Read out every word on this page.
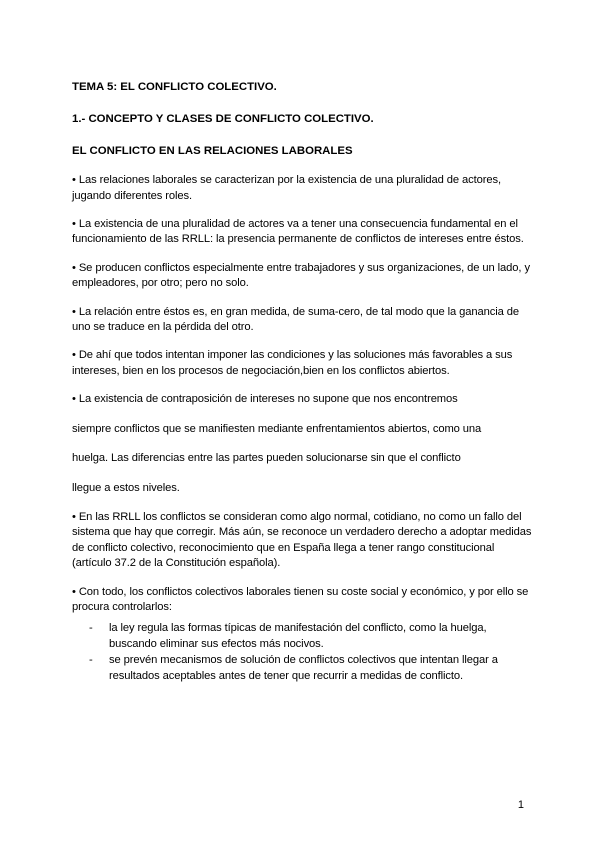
TEMA 5: EL CONFLICTO COLECTIVO.
1.- CONCEPTO Y CLASES DE CONFLICTO COLECTIVO.
EL CONFLICTO EN LAS RELACIONES LABORALES

• Las relaciones laborales se caracterizan por la existencia de una pluralidad de actores, jugando diferentes roles.

• La existencia de una pluralidad de actores va a tener una consecuencia fundamental en el funcionamiento de las RRLL: la presencia permanente de conflictos de intereses entre éstos.

• Se producen conflictos especialmente entre trabajadores y sus organizaciones, de un lado, y empleadores, por otro; pero no solo.

• La relación entre éstos es, en gran medida, de suma-cero, de tal modo que la ganancia de uno se traduce en la pérdida del otro.

• De ahí que todos intentan imponer las condiciones y las soluciones más favorables a sus intereses, bien en los procesos de negociación,bien en los conflictos abiertos.

• La existencia de contraposición de intereses no supone que nos encontremos

siempre conflictos que se manifiesten mediante enfrentamientos abiertos, como una

huelga. Las diferencias entre las partes pueden solucionarse sin que el conflicto

llegue a estos niveles.

• En las RRLL los conflictos se consideran como algo normal, cotidiano, no como un fallo del sistema que hay que corregir. Más aún, se reconoce un verdadero derecho a adoptar medidas de conflicto colectivo, reconocimiento que en España llega a tener rango constitucional (artículo 37.2 de la Constitución española).

• Con todo, los conflictos colectivos laborales tienen su coste social y económico, y por ello se procura controlarlos:

- la ley regula las formas típicas de manifestación del conflicto, como la huelga, buscando eliminar sus efectos más nocivos.
- se prevén mecanismos de solución de conflictos colectivos que intentan llegar a resultados aceptables antes de tener que recurrir a medidas de conflicto.
1
